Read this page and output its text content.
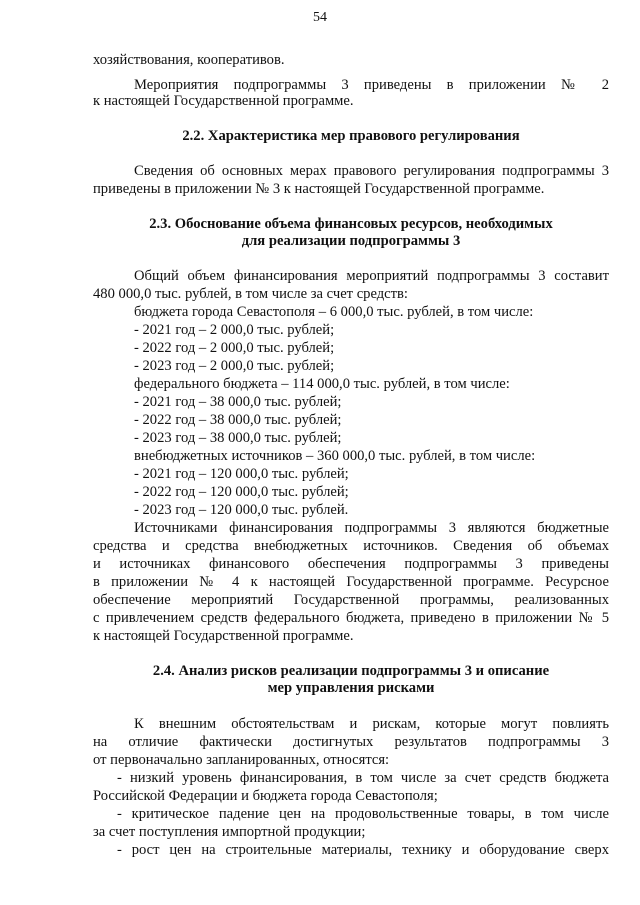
54
хозяйствования, кооперативов.
Мероприятия подпрограммы 3 приведены в приложении № 2
к настоящей Государственной программе.
2.2. Характеристика мер правового регулирования
Сведения об основных мерах правового регулирования подпрограммы 3
приведены в приложении № 3 к настоящей Государственной программе.
2.3. Обоснование объема финансовых ресурсов, необходимых
для реализации подпрограммы 3
Общий объем финансирования мероприятий подпрограммы 3 составит
480 000,0 тыс. рублей, в том числе за счет средств:
бюджета города Севастополя – 6 000,0 тыс. рублей, в том числе:
- 2021 год – 2 000,0 тыс. рублей;
- 2022 год – 2 000,0 тыс. рублей;
- 2023 год – 2 000,0 тыс. рублей;
федерального бюджета – 114 000,0 тыс. рублей, в том числе:
- 2021 год – 38 000,0 тыс. рублей;
- 2022 год – 38 000,0 тыс. рублей;
- 2023 год – 38 000,0 тыс. рублей;
внебюджетных источников – 360 000,0 тыс. рублей, в том числе:
- 2021 год – 120 000,0 тыс. рублей;
- 2022 год – 120 000,0 тыс. рублей;
- 2023 год – 120 000,0 тыс. рублей.
Источниками финансирования подпрограммы 3 являются бюджетные
средства и средства внебюджетных источников. Сведения об объемах
и источниках финансового обеспечения подпрограммы 3 приведены
в приложении № 4 к настоящей Государственной программе. Ресурсное
обеспечение мероприятий Государственной программы, реализованных
с привлечением средств федерального бюджета, приведено в приложении № 5
к настоящей Государственной программе.
2.4. Анализ рисков реализации подпрограммы 3 и описание
мер управления рисками
К внешним обстоятельствам и рискам, которые могут повлиять
на отличие фактически достигнутых результатов подпрограммы 3
от первоначально запланированных, относятся:
- низкий уровень финансирования, в том числе за счет средств бюджета
Российской Федерации и бюджета города Севастополя;
- критическое падение цен на продовольственные товары, в том числе
за счет поступления импортной продукции;
- рост цен на строительные материалы, технику и оборудование сверх
